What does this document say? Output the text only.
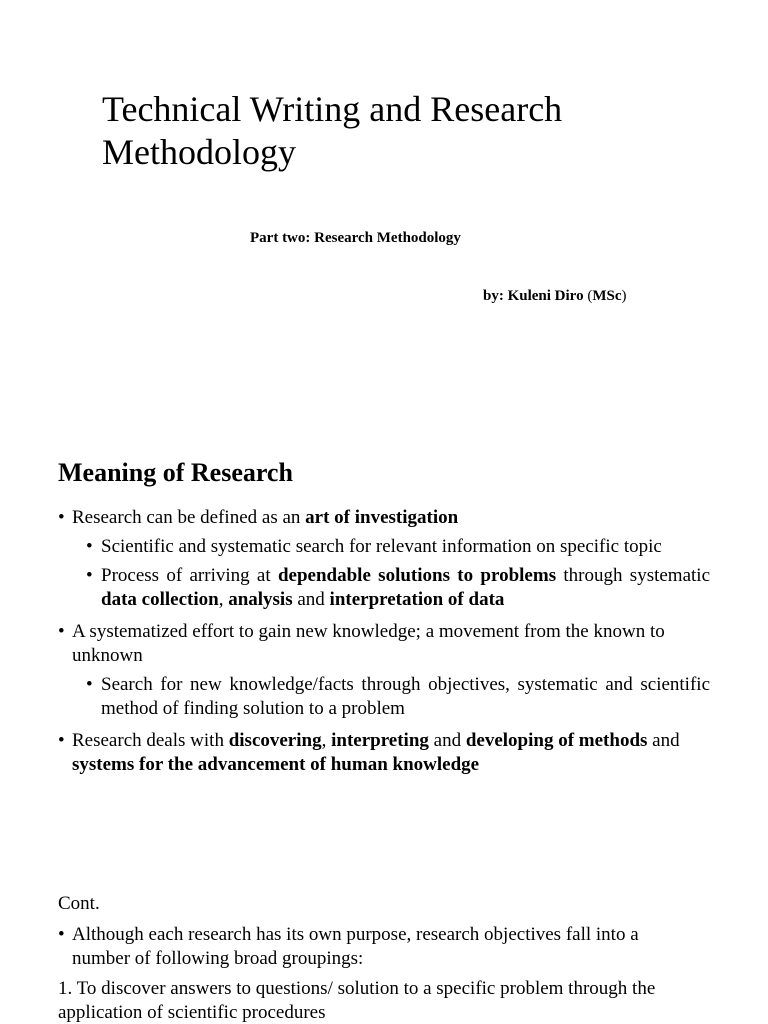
Technical Writing and Research Methodology

Part two: Research Methodology

by: Kuleni Diro (MSc)

Meaning of Research
• Research can be defined as an art of investigation
• Scientific and systematic search for relevant information on specific topic
• Process of arriving at dependable solutions to problems through systematic data collection, analysis and interpretation of data
• A systematized effort to gain new knowledge; a movement from the known to unknown
• Search for new knowledge/facts through objectives, systematic and scientific method of finding solution to a problem
• Research deals with discovering, interpreting and developing of methods and systems for the advancement of human knowledge

Cont.

• Although each research has its own purpose, research objectives fall into a number of following broad groupings:

1. To discover answers to questions/ solution to a specific problem through the application of scientific procedures
